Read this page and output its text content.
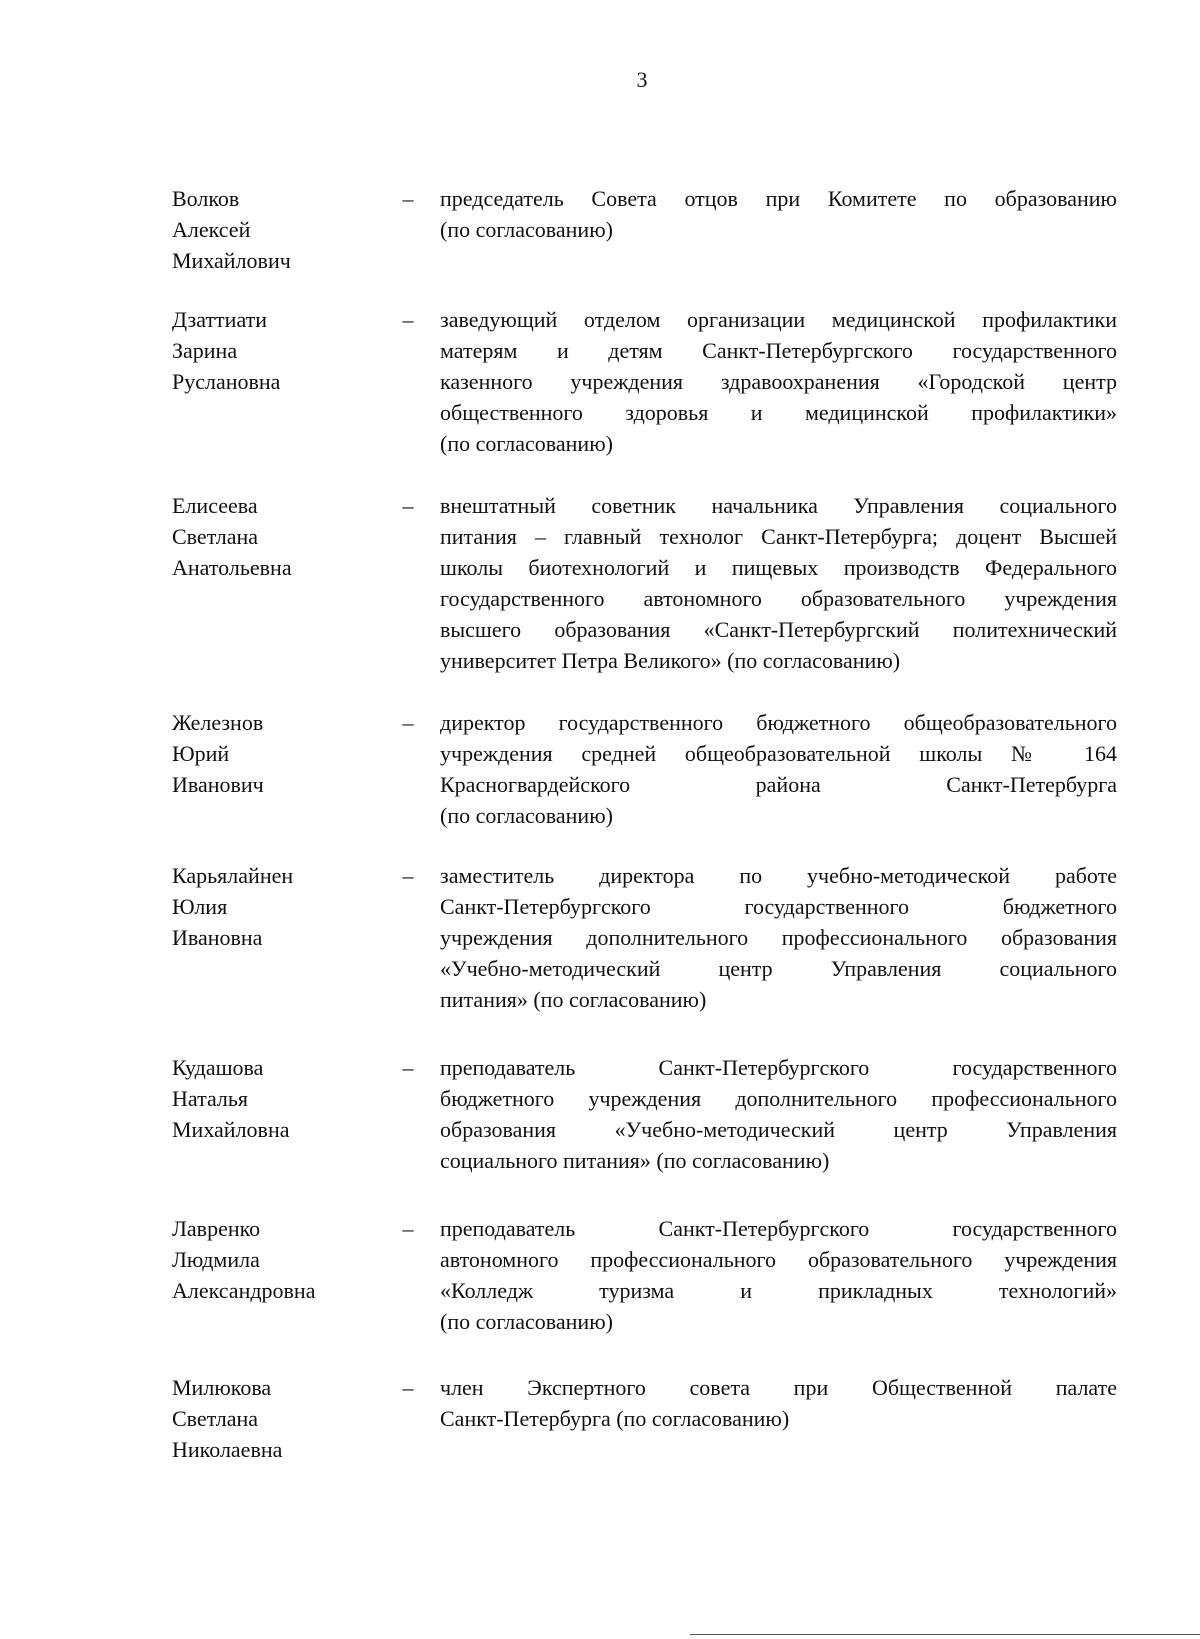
3
Волков
Алексей
Михайлович
– председатель Совета отцов при Комитете по образованию
(по согласованию)
Дзаттиати
Зарина
Руслановна
– заведующий отделом организации медицинской профилактики
матерям и детям Санкт-Петербургского государственного
казенного учреждения здравоохранения «Городской центр
общественного здоровья и медицинской профилактики»
(по согласованию)
Елисеева
Светлана
Анатольевна
– внештатный советник начальника Управления социального
питания – главный технолог Санкт-Петербурга; доцент Высшей
школы биотехнологий и пищевых производств Федерального
государственного автономного образовательного учреждения
высшего образования «Санкт-Петербургский политехнический
университет Петра Великого» (по согласованию)
Железнов
Юрий
Иванович
– директор государственного бюджетного общеобразовательного
учреждения средней общеобразовательной школы № 164
Красногвардейского района Санкт-Петербурга
(по согласованию)
Карьялайнен
Юлия
Ивановна
– заместитель директора по учебно-методической работе
Санкт-Петербургского государственного бюджетного
учреждения дополнительного профессионального образования
«Учебно-методический центр Управления социального
питания» (по согласованию)
Кудашова
Наталья
Михайловна
– преподаватель Санкт-Петербургского государственного
бюджетного учреждения дополнительного профессионального
образования «Учебно-методический центр Управления
социального питания» (по согласованию)
Лавренко
Людмила
Александровна
– преподаватель Санкт-Петербургского государственного
автономного профессионального образовательного учреждения
«Колледж туризма и прикладных технологий»
(по согласованию)
Милюкова
Светлана
Николаевна
– член Экспертного совета при Общественной палате
Санкт-Петербурга (по согласованию)
